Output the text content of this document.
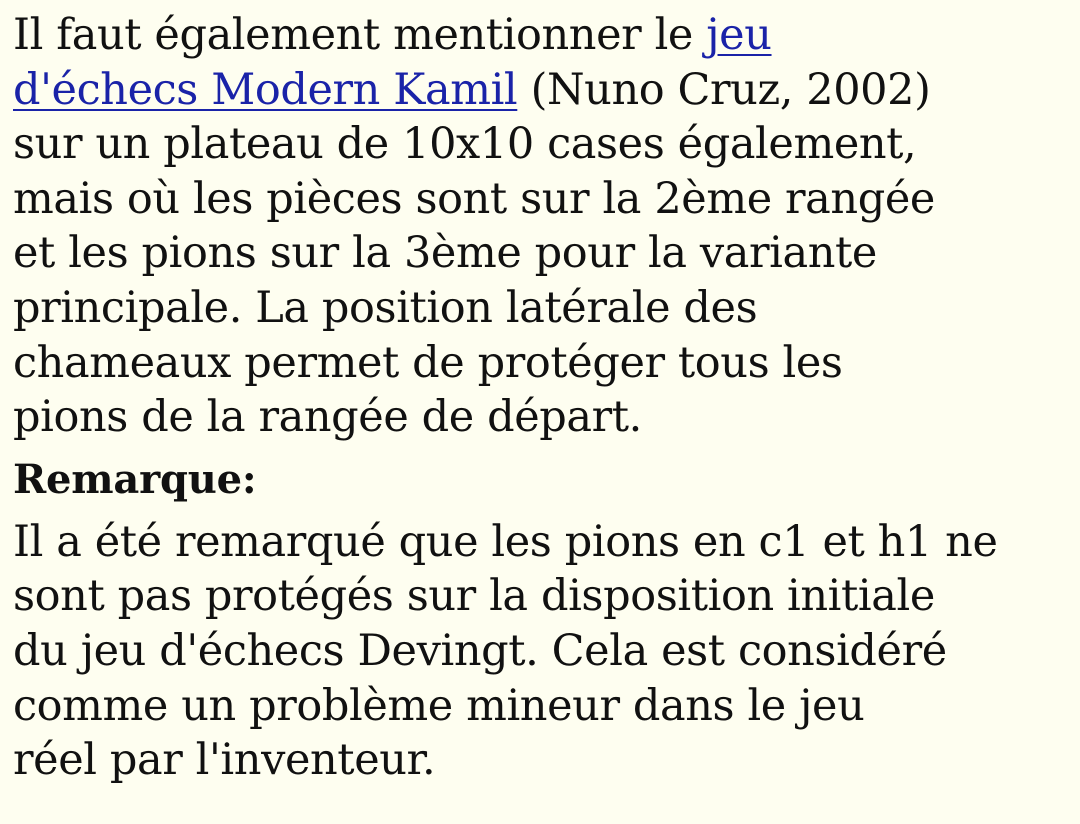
Il faut également mentionner le jeu
d'échecs Modern Kamil (Nuno Cruz, 2002)
sur un plateau de 10x10 cases également,
mais où les pièces sont sur la 2ème rangée
et les pions sur la 3ème pour la variante
principale. La position latérale des
chameaux permet de protéger tous les
pions de la rangée de départ.

Remarque:

Il a été remarqué que les pions en c1 et h1 ne
sont pas protégés sur la disposition initiale
du jeu d'échecs Devingt. Cela est considéré
comme un problème mineur dans le jeu
réel par l'inventeur.
